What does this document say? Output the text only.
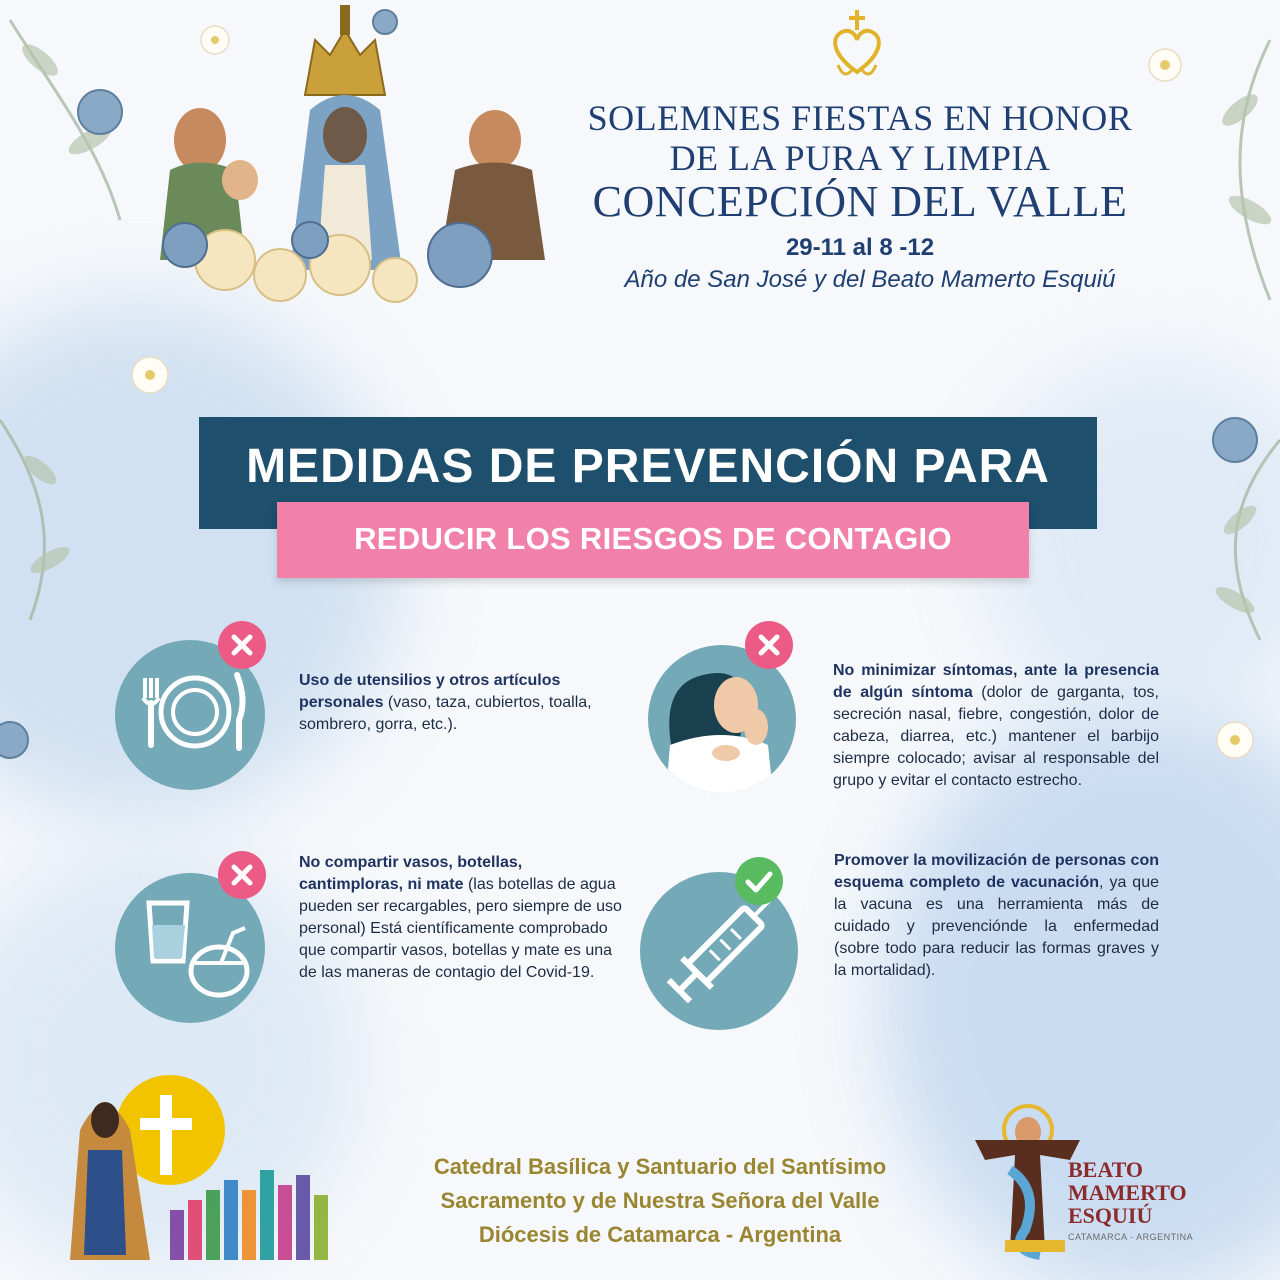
SOLEMNES FIESTAS EN HONOR
DE LA PURA Y LIMPIA
CONCEPCIÓN DEL VALLE
29-11 al 8 -12
Año de San José y del Beato Mamerto Esquiú
MEDIDAS DE PREVENCIÓN PARA
REDUCIR LOS RIESGOS DE CONTAGIO
Uso de utensilios y otros artículos personales (vaso, taza, cubiertos, toalla, sombrero, gorra, etc.).
No minimizar síntomas, ante la presencia de algún síntoma (dolor de garganta, tos, secreción nasal, fiebre, congestión, dolor de cabeza, diarrea, etc.) mantener el barbijo siempre colocado; avisar al responsable del grupo y evitar el contacto estrecho.
No compartir vasos, botellas, cantimploras, ni mate (las botellas de agua pueden ser recargables, pero siempre de uso personal) Está científicamente comprobado que compartir vasos, botellas y mate es una de las maneras de contagio del Covid-19.
Promover la movilización de personas con esquema completo de vacunación, ya que la vacuna es una herramienta más de cuidado y prevenciónde la enfermedad (sobre todo para reducir las formas graves y la mortalidad).
Catedral Basílica y Santuario del Santísimo
Sacramento y de Nuestra Señora del Valle
Diócesis de Catamarca - Argentina
BEATO
MAMERTO
ESQUIÚ
CATAMARCA - ARGENTINA
